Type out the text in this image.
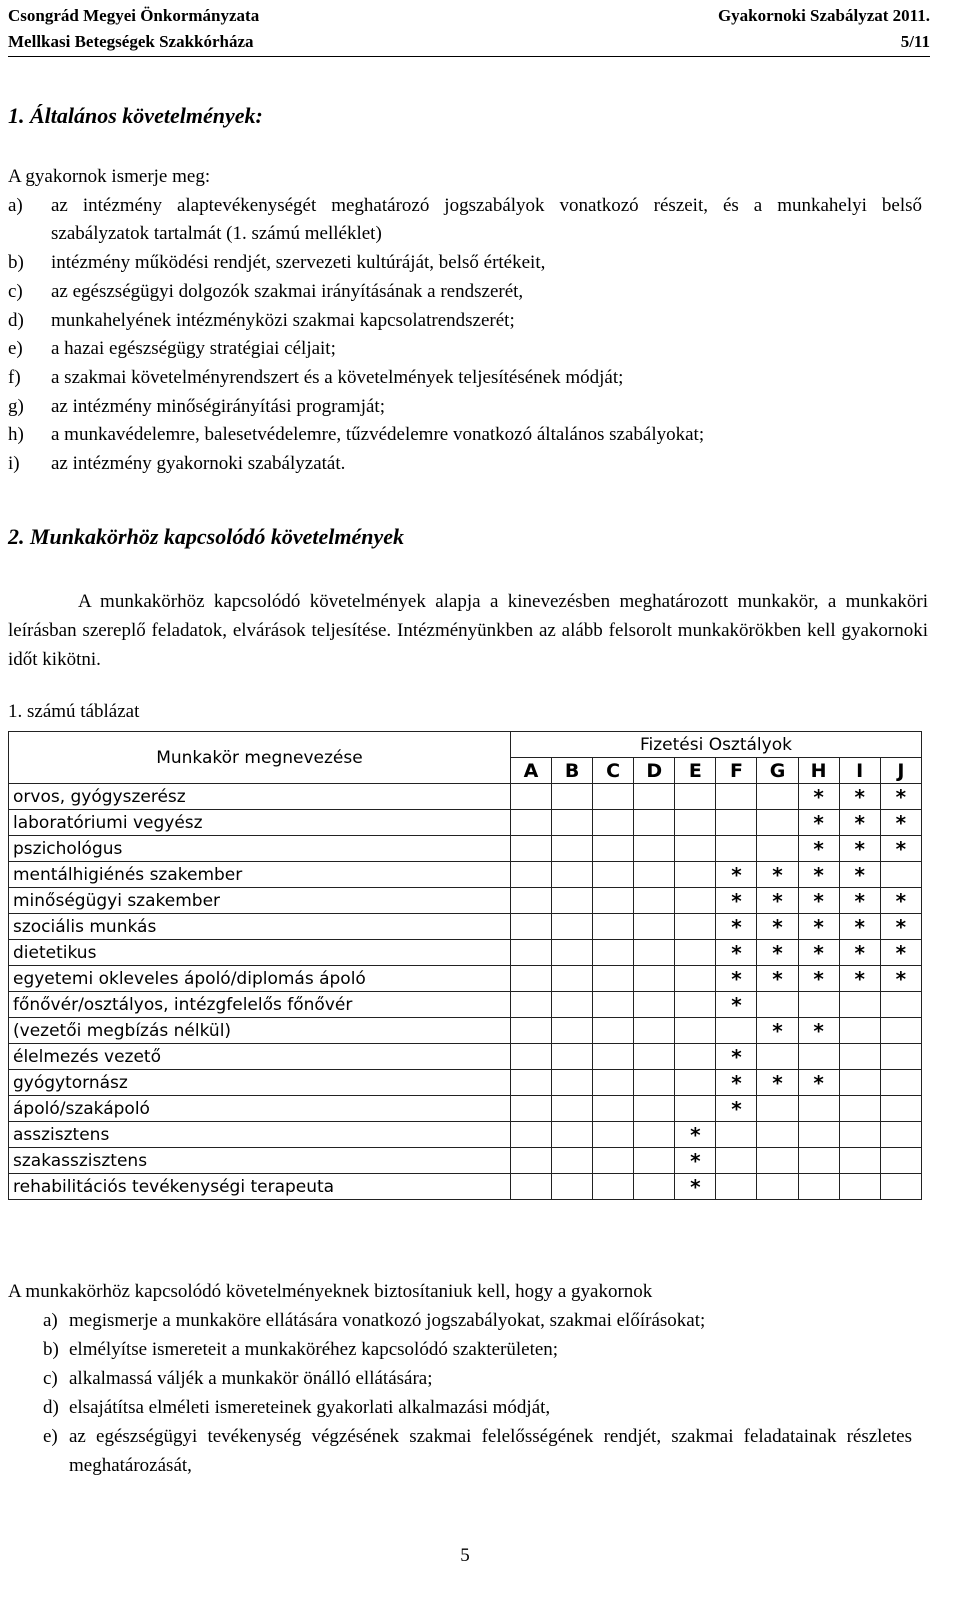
Csongrád Megyei Önkormányzata
Mellkasi Betegségek Szakkórháza
Gyakornoki Szabályzat 2011.
5/11
1. Általános követelmények:
A gyakornok ismerje meg:
a)	az intézmény alaptevékenységét meghatározó jogszabályok vonatkozó részeit, és a munkahelyi belső szabályzatok tartalmát (1. számú melléklet)
b)	intézmény működési rendjét, szervezeti kultúráját, belső értékeit,
c)	az egészségügyi dolgozók szakmai irányításának a rendszerét,
d)	munkahelyének intézményközi szakmai kapcsolatrendszerét;
e)	a hazai egészségügy stratégiai céljait;
f)	a szakmai követelményrendszert és a követelmények teljesítésének módját;
g)	az intézmény minőségirányítási programját;
h)	a munkavédelemre, balesetvédelemre, tűzvédelemre vonatkozó általános szabályokat;
i)	az intézmény gyakornoki szabályzatát.
2. Munkakörhöz kapcsolódó követelmények
A munkakörhöz kapcsolódó követelmények alapja a kinevezésben meghatározott munkakör, a munkaköri leírásban szereplő feladatok, elvárások teljesítése. Intézményünkben az alább felsorolt munkakörökben kell gyakornoki időt kikötni.
1. számú táblázat
Munkakör megnevezése	Fizetési Osztályok									
	A	B	C	D	E	F	G	H	I	J
orvos, gyógyszerész								*	*	*
laboratóriumi vegyész								*	*	*
pszichológus								*	*	*
mentálhigiénés szakember						*	*	*	*	
minőségügyi szakember						*	*	*	*	*
szociális munkás						*	*	*	*	*
dietetikus						*	*	*	*	*
egyetemi okleveles ápoló/diplomás ápoló						*	*	*	*	*
főnővér/osztályos, intézgfelelős főnővér						*				
(vezetői megbízás nélkül)							*	*		
élelmezés vezető						*				
gyógytornász						*	*	*		
ápoló/szakápoló						*				
asszisztens					*					
szakasszisztens					*					
rehabilitációs tevékenységi terapeuta					*					
A munkakörhöz kapcsolódó követelményeknek biztosítaniuk kell, hogy a gyakornok
a) megismerje a munkaköre ellátására vonatkozó jogszabályokat, szakmai előírásokat;
b) elmélyítse ismereteit a munkaköréhez kapcsolódó szakterületen;
c) alkalmassá váljék a munkakör önálló ellátására;
d) elsajátítsa elméleti ismereteinek gyakorlati alkalmazási módját,
e) az egészségügyi tevékenység végzésének szakmai felelősségének rendjét, szakmai feladatainak részletes meghatározását,
5
